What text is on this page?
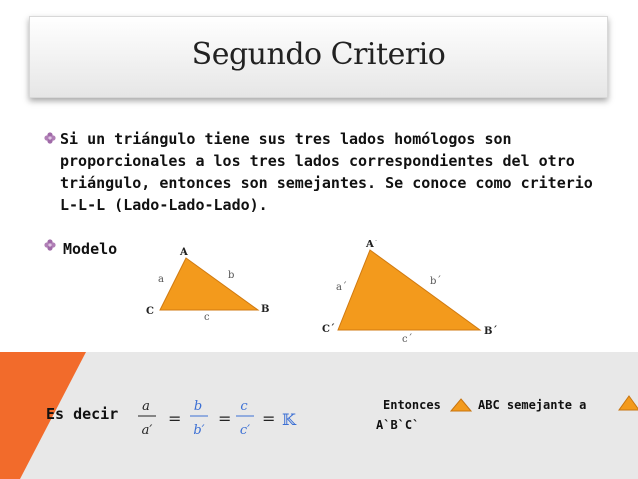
Segundo Criterio
Si un triángulo tiene sus tres lados homólogos son proporcionales a los tres lados correspondientes del otro triángulo, entonces son semejantes. Se conoce como criterio L-L-L (Lado-Lado-Lado).
Modelo	A
B
C
a	b
c
A´
B´
C´
a´
b´
c´
Es decir a
a′
=
b
b′
=
c
c′
= 𝕂
Entonces	ABC semejante a
A`B`C`
